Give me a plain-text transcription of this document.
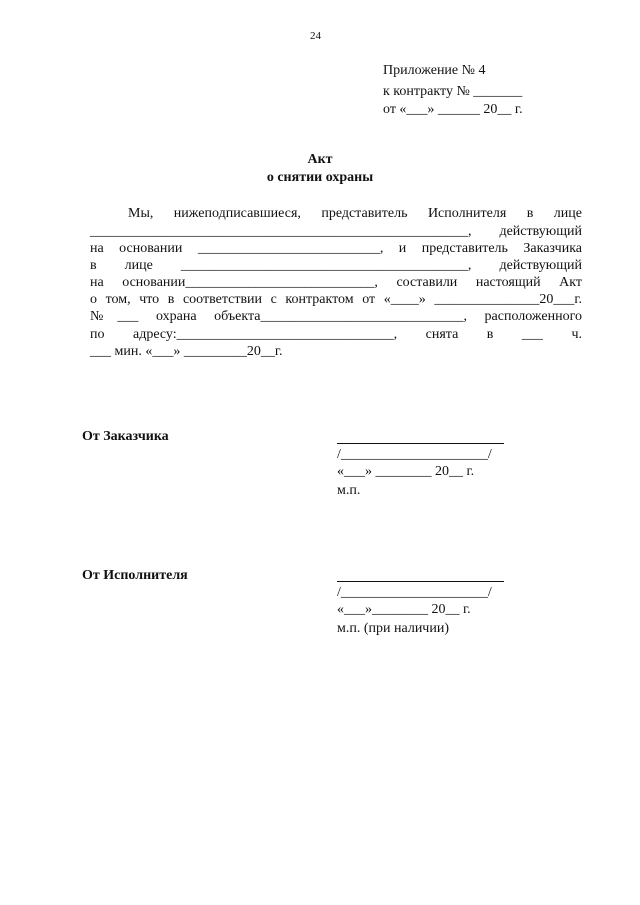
24
Приложение № 4
к контракту № _______
от «___» ______ 20__ г.
Акт
о снятии охраны
Мы, нижеподписавшиеся, представитель Исполнителя в лице
______________________________________________________, действующий
на основании __________________________, и представитель Заказчика
в лице _________________________________________, действующий
на основании___________________________, составили настоящий Акт
о том, что в соответствии с контрактом от «____» _______________20___г.
№___ охрана объекта_____________________________, расположенного
по адресу:_______________________________, снята в ___ ч.
___ мин. «___» _________20__г.
От Заказчика
/_____________________/
«___» ________ 20__ г.
м.п.
От Исполнителя
/_____________________/
«___»________ 20__ г.
м.п. (при наличии)
